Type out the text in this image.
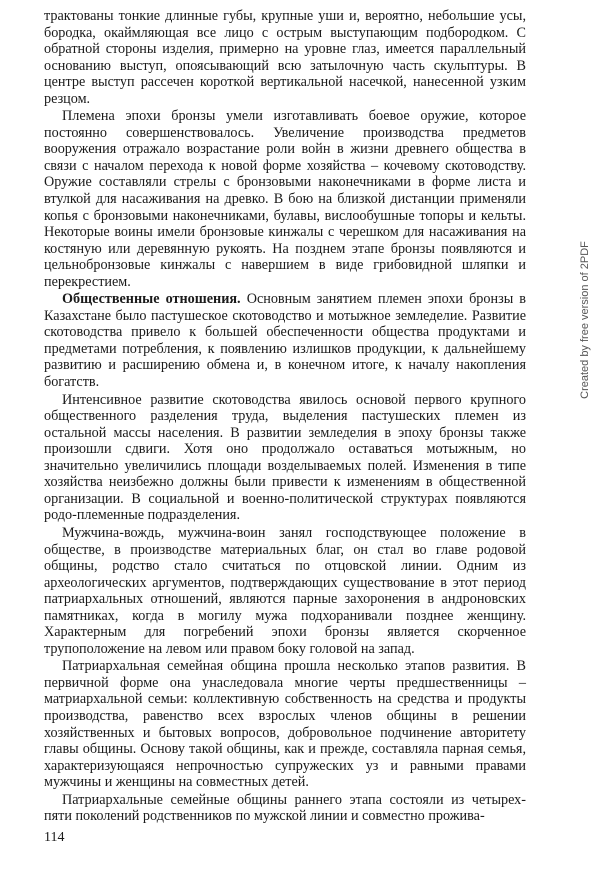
трактованы тонкие длинные губы, крупные уши и, вероятно, небольшие усы, бородка, окаймляющая все лицо с острым выступающим подбородком. С обратной стороны изделия, примерно на уровне глаз, имеется параллельный основанию выступ, опоясывающий всю затылочную часть скульптуры. В центре выступ рассечен короткой вертикальной насечкой, нанесенной узким резцом.

Племена эпохи бронзы умели изготавливать боевое оружие, которое постоянно совершенствовалось. Увеличение производства предметов вооружения отражало возрастание роли войн в жизни древнего общества в связи с началом перехода к новой форме хозяйства – кочевому скотоводству. Оружие составляли стрелы с бронзовыми наконечниками в форме листа и втулкой для насаживания на древко. В бою на близкой дистанции применяли копья с бронзовыми наконечниками, булавы, вислообушные топоры и кельты. Некоторые воины имели бронзовые кинжалы с черешком для насаживания на костяную или деревянную рукоять. На позднем этапе бронзы появляются и цельнобронзовые кинжалы с навершием в виде грибовидной шляпки и перекрестием.

Общественные отношения. Основным занятием племен эпохи бронзы в Казахстане было пастушеское скотоводство и мотыжное земледелие. Развитие скотоводства привело к большей обеспеченности общества продуктами и предметами потребления, к появлению излишков продукции, к дальнейшему развитию и расширению обмена и, в конечном итоге, к началу накопления богатств.

Интенсивное развитие скотоводства явилось основой первого крупного общественного разделения труда, выделения пастушеских племен из остальной массы населения. В развитии земледелия в эпоху бронзы также произошли сдвиги. Хотя оно продолжало оставаться мотыжным, но значительно увеличились площади возделываемых полей. Изменения в типе хозяйства неизбежно должны были привести к изменениям в общественной организации. В социальной и военно-политической структурах появляются родо-племенные подразделения.

Мужчина-вождь, мужчина-воин занял господствующее положение в обществе, в производстве материальных благ, он стал во главе родовой общины, родство стало считаться по отцовской линии. Одним из археологических аргументов, подтверждающих существование в этот период патриархальных отношений, являются парные захоронения в андроновских памятниках, когда в могилу мужа подхоранивали позднее женщину. Характерным для погребений эпохи бронзы является скорченное трупоположение на левом или правом боку головой на запад.

Патриархальная семейная община прошла несколько этапов развития. В первичной форме она унаследовала многие черты предшественницы – матриархальной семьи: коллективную собственность на средства и продукты производства, равенство всех взрослых членов общины в решении хозяйственных и бытовых вопросов, добровольное подчинение авторитету главы общины. Основу такой общины, как и прежде, составляла парная семья, характеризующаяся непрочностью супружеских уз и равными правами мужчины и женщины на совместных детей.

Патриархальные семейные общины раннего этапа состояли из четырех-пяти поколений родственников по мужской линии и совместно прожива-

114
Created by free version of 2PDF
